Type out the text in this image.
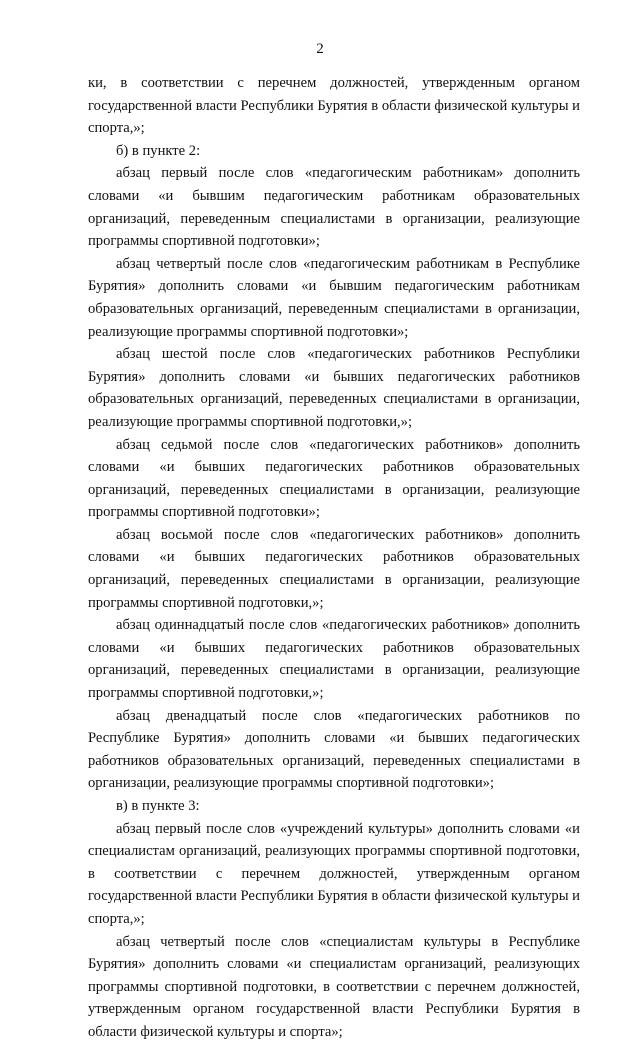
2

ки, в соответствии с перечнем должностей, утвержденным органом государственной власти Республики Бурятия в области физической культуры и спорта,»;

б) в пункте 2:

абзац первый после слов «педагогическим работникам» дополнить словами «и бывшим педагогическим работникам образовательных организаций, переведенным специалистами в организации, реализующие программы спортивной подготовки»;

абзац четвертый после слов «педагогическим работникам в Республике Бурятия» дополнить словами «и бывшим педагогическим работникам образовательных организаций, переведенным специалистами в организации, реализующие программы спортивной подготовки»;

абзац шестой после слов «педагогических работников Республики Бурятия» дополнить словами «и бывших педагогических работников образовательных организаций, переведенных специалистами в организации, реализующие программы спортивной подготовки,»;

абзац седьмой после слов «педагогических работников» дополнить словами «и бывших педагогических работников образовательных организаций, переведенных специалистами в организации, реализующие программы спортивной подготовки»;

абзац восьмой после слов «педагогических работников» дополнить словами «и бывших педагогических работников образовательных организаций, переведенных специалистами в организации, реализующие программы спортивной подготовки,»;

абзац одиннадцатый после слов «педагогических работников» дополнить словами «и бывших педагогических работников образовательных организаций, переведенных специалистами в организации, реализующие программы спортивной подготовки,»;

абзац двенадцатый после слов «педагогических работников по Республике Бурятия» дополнить словами «и бывших педагогических работников образовательных организаций, переведенных специалистами в организации, реализующие программы спортивной подготовки»;

в) в пункте 3:

абзац первый после слов «учреждений культуры» дополнить словами «и специалистам организаций, реализующих программы спортивной подготовки, в соответствии с перечнем должностей, утвержденным органом государственной власти Республики Бурятия в области физической культуры и спорта,»;

абзац четвертый после слов «специалистам культуры в Республике Бурятия» дополнить словами «и специалистам организаций, реализующих программы спортивной подготовки, в соответствии с перечнем должностей, утвержденным органом государственной власти Республики Бурятия в области физической культуры и спорта»;
